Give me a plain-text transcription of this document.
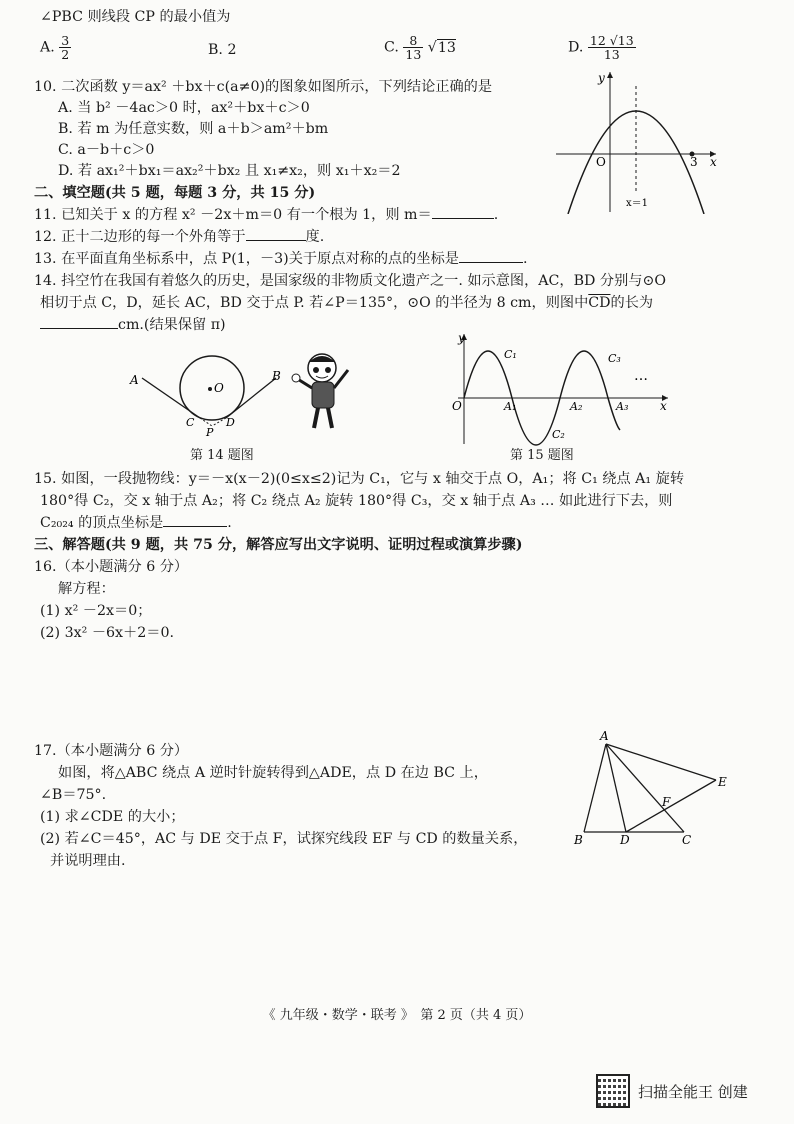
∠PBC 则线段 CP 的最小值为
A. $\frac{3}{2}$	B. 2	C. $\frac{8}{13} √13$	D. $\frac{12 √13}{13}$
10. 二次函数 y＝ax² ＋bx＋c(a≠0)的图象如图所示，下列结论正确的是
A. 当 b² －4ac＞0 时，ax²＋bx＋c＞0
B. 若 m 为任意实数，则 a＋b＞am²＋bm
C. a－b＋c＞0
D. 若 ax₁²＋bx₁＝ax₂²＋bx₂ 且 x₁≠x₂，则 x₁＋x₂＝2
y
x
O	3
x＝1
二、填空题(共 5 题，每题 3 分，共 15 分)
11. 已知关于 x 的方程 x² －2x＋m＝0 有一个根为 1，则 m＝	.
12. 正十二边形的每一个外角等于	度.
13. 在平面直角坐标系中，点 P(1，－3)关于原点对称的点的坐标是	.
14. 抖空竹在我国有着悠久的历史，是国家级的非物质文化遗产之一. 如示意图，AC，BD 分别与⊙O
相切于点 C，D，延长 AC，BD 交于点 P. 若∠P＝135°，⊙O 的半径为 8 cm，则图中$\overline{CD}$的长为
cm.(结果保留 π)
A	B
O
C	D
P
第 14 题图
y
x
O	A₁	A₂	A₃
C₁
C₂
C₃
…
第 15 题图
15. 如图，一段抛物线：y＝－x(x－2)(0≤x≤2)记为 C₁，它与 x 轴交于点 O，A₁；将 C₁ 绕点 A₁ 旋转
180°得 C₂，交 x 轴于点 A₂；将 C₂ 绕点 A₂ 旋转 180°得 C₃，交 x 轴于点 A₃ … 如此进行下去，则
C₂₀₂₄ 的顶点坐标是	.
三、解答题(共 9 题，共 75 分，解答应写出文字说明、证明过程或演算步骤)
16.（本小题满分 6 分）
解方程：
(1) x² －2x＝0；
(2) 3x² －6x＋2＝0.
17.（本小题满分 6 分）
如图，将△ABC 绕点 A 逆时针旋转得到△ADE，点 D 在边 BC 上，
∠B＝75°.
(1) 求∠CDE 的大小；
(2) 若∠C＝45°，AC 与 DE 交于点 F，试探究线段 EF 与 CD 的数量关系，
并说明理由.
A
B	C
D
E
F
《 九年级・数学・联考 》　第 2 页（共 4 页）
扫描全能王 创建
